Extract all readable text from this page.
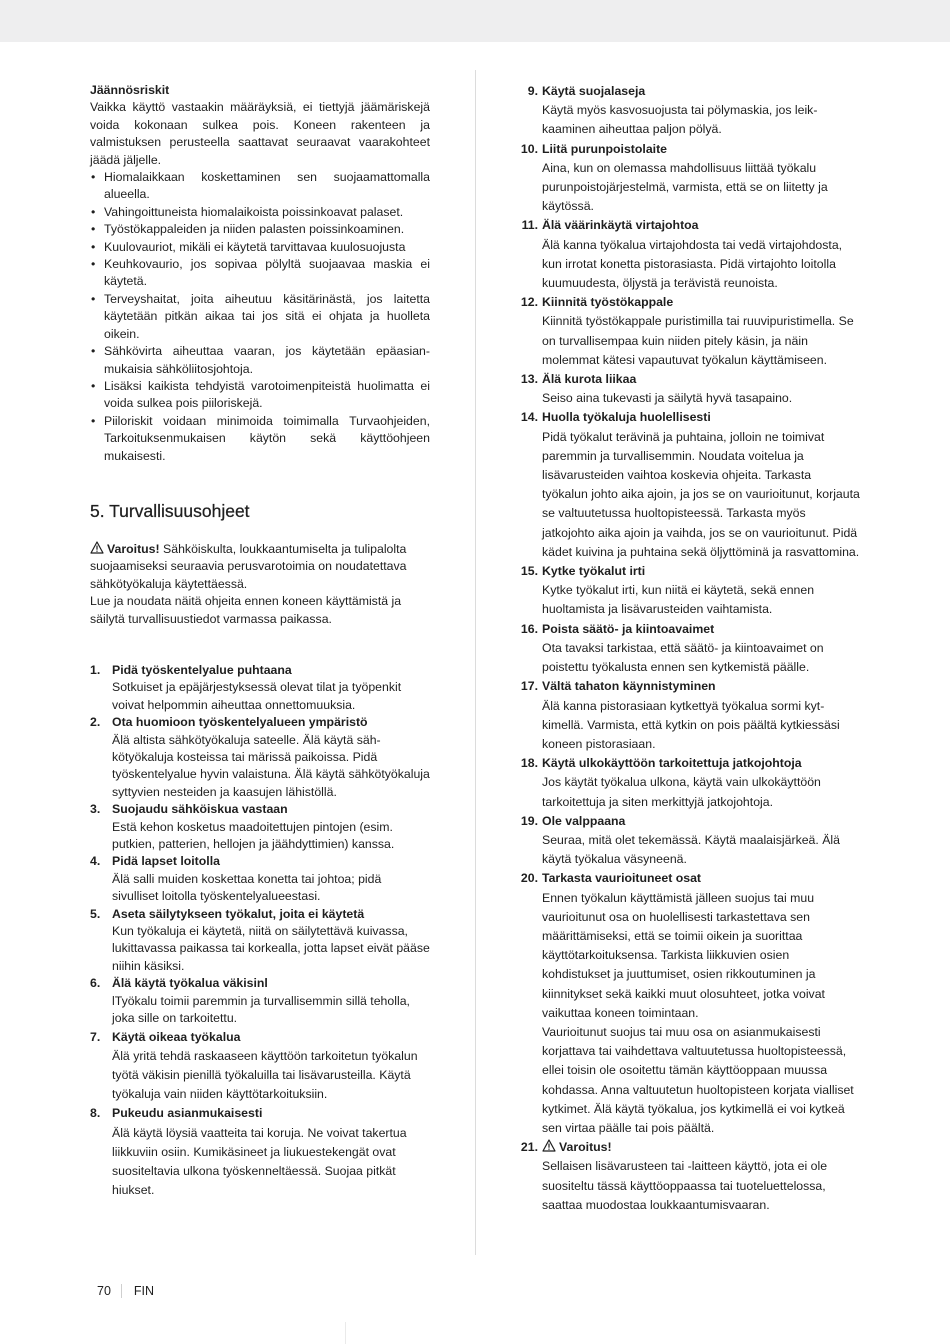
Jäännösriskit
Vaikka käyttö vastaakin määräyksiä, ei tiettyjä jäämäriskejä voida kokonaan sulkea pois. Koneen rakenteen ja valmistuksen perusteella saattavat seuraavat vaarakohteet jäädä jäljelle.
• Hiomalaikkaan koskettaminen sen suojaamattomalla alueella.
• Vahingoittuneista hiomalaikoista poissinkoavat palaset.
• Työstökappaleiden ja niiden palasten poissinkoaminen.
• Kuulovauriot, mikäli ei käytetä tarvittavaa kuulosuojusta
• Keuhkovaurio, jos sopivaa pölyltä suojaavaa maskia ei käytetä.
• Terveyshaitat, joita aiheutuu käsitärinästä, jos laitetta käytetään pitkän aikaa tai jos sitä ei ohjata ja huolleta oikein.
• Sähkövirta aiheuttaa vaaran, jos käytetään epäasianmukaisia sähköliitosjohtoja.
• Lisäksi kaikista tehdyistä varotoimenpiteistä huolimatta ei voida sulkea pois piiloriskejä.
• Piiloriskit voidaan minimoida toimimalla Turvaohjeiden, Tarkoituksenmukaisen käytön sekä käyttöohjeen mukaisesti.
5. Turvallisuusohjeet
Varoitus! Sähköiskulta, loukkaantumiselta ja tulipalolta suojaamiseksi seuraavia perusvarotoimia on noudatettava sähkötyökaluja käytettäessä.
Lue ja noudata näitä ohjeita ennen koneen käyttämistä ja säilytä turvallisuustiedot varmassa paikassa.
1. Pidä työskentelyalue puhtaana
Sotkuiset ja epäjärjestyksessä olevat tilat ja työpenkit voivat helpommin aiheuttaa onnettomuuksia.
2. Ota huomioon työskentelyalueen ympäristö
Älä altista sähkötyökaluja sateelle. Älä käytä sähkötyökaluja kosteissa tai märissä paikoissa. Pidä työskentelyalue hyvin valaistuna. Älä käytä sähkötyökaluja syttyvien nesteiden ja kaasujen lähistöllä.
3. Suojaudu sähköiskua vastaan
Estä kehon kosketus maadoitettujen pintojen (esim. putkien, patterien, hellojen ja jäähdyttimien) kanssa.
4. Pidä lapset loitolla
Älä salli muiden koskettaa konetta tai johtoa; pidä sivulliset loitolla työskentelyalueestasi.
5. Aseta säilytykseen työkalut, joita ei käytetä
Kun työkaluja ei käytetä, niitä on säilytettävä kuivassa, lukittavassa paikassa tai korkealla, jotta lapset eivät pääse niihin käsiksi.
6. Älä käytä työkalua väkisinl
lTyökalu toimii paremmin ja turvallisemmin sillä teholla, joka sille on tarkoitettu.
7. Käytä oikeaa työkalua
Älä yritä tehdä raskaaseen käyttöön tarkoitetun työkalun työtä väkisin pienillä työkaluilla tai lisävarusteilla. Käytä työkaluja vain niiden käyttötarkoituksiin.
8. Pukeudu asianmukaisesti
Älä käytä löysiä vaatteita tai koruja. Ne voivat takertua liikkuviin osiin. Kumikäsineet ja liukuestekengät ovat suositeltavia ulkona työskenneltäessä. Suojaa pitkät hiukset.
9. Käytä suojalaseja
Käytä myös kasvosuojusta tai pölymaskia, jos leikkaaminen aiheuttaa paljon pölyä.
10. Liitä purunpoistolaite
Aina, kun on olemassa mahdollisuus liittää työkalu purunpoistojärjestelmä, varmista, että se on liitetty ja käytössä.
11. Älä väärinkäytä virtajohtoa
Älä kanna työkalua virtajohdosta tai vedä virtajohdosta, kun irrotat konetta pistorasiasta. Pidä virtajohto loitolla kuumuudesta, öljystä ja terävistä reunoista.
12. Kiinnitä työstökappale
Kiinnitä työstökappale puristimilla tai ruuvipuristimella. Se on turvallisempaa kuin niiden pitely käsin, ja näin molemmat kätesi vapautuvat työkalun käyttämiseen.
13. Älä kurota liikaa
Seiso aina tukevasti ja säilytä hyvä tasapaino.
14. Huolla työkaluja huolellisesti
Pidä työkalut terävinä ja puhtaina, jolloin ne toimivat paremmin ja turvallisemmin. Noudata voitelua ja lisävarusteiden vaihtoa koskevia ohjeita. Tarkasta työkalun johto aika ajoin, ja jos se on vaurioitunut, korjauta se valtuutetussa huoltopisteessä. Tarkasta myös jatkojohto aika ajoin ja vaihda, jos se on vaurioitunut. Pidä kädet kuivina ja puhtaina sekä öljyttöminä ja rasvattomina.
15. Kytke työkalut irti
Kytke työkalut irti, kun niitä ei käytetä, sekä ennen huoltamista ja lisävarusteiden vaihtamista.
16. Poista säätö- ja kiintoavaimet
Ota tavaksi tarkistaa, että säätö- ja kiintoavaimet on poistettu työkalusta ennen sen kytkemistä päälle.
17. Vältä tahaton käynnistyminen
Älä kanna pistorasiaan kytkettyä työkalua sormi kytkimellä. Varmista, että kytkin on pois päältä kytkiessäsi koneen pistorasiaan.
18. Käytä ulkokäyttöön tarkoitettuja jatkojohtoja
Jos käytät työkalua ulkona, käytä vain ulkokäyttöön tarkoitettuja ja siten merkittyjä jatkojohtoja.
19. Ole valppaana
Seuraa, mitä olet tekemässä. Käytä maalaisjärkeä. Älä käytä työkalua väsyneenä.
20. Tarkasta vaurioituneet osat
Ennen työkalun käyttämistä jälleen suojus tai muu vaurioitunut osa on huolellisesti tarkastettava sen määrittämiseksi, että se toimii oikein ja suorittaa käyttötarkoituksensa. Tarkista liikkuvien osien kohdistukset ja juuttumiset, osien rikkoutuminen ja kiinnitykset sekä kaikki muut olosuhteet, jotka voivat vaikuttaa koneen toimintaan.
Vaurioitunut suojus tai muu osa on asianmukaisesti korjattava tai vaihdettava valtuutetussa huoltopisteessä, ellei toisin ole osoitettu tämän käyttöoppaan muussa kohdassa. Anna valtuutetun huoltopisteen korjata vialliset kytkimet. Älä käytä työkalua, jos kytkimellä ei voi kytkeä sen virtaa päälle tai pois päältä.
21.	Varoitus!
Sellaisen lisävarusteen tai -laitteen käyttö, jota ei ole suositeltu tässä käyttöoppaassa tai tuoteluettelossa, saattaa muodostaa loukkaantumisvaaran.
70 FIN
